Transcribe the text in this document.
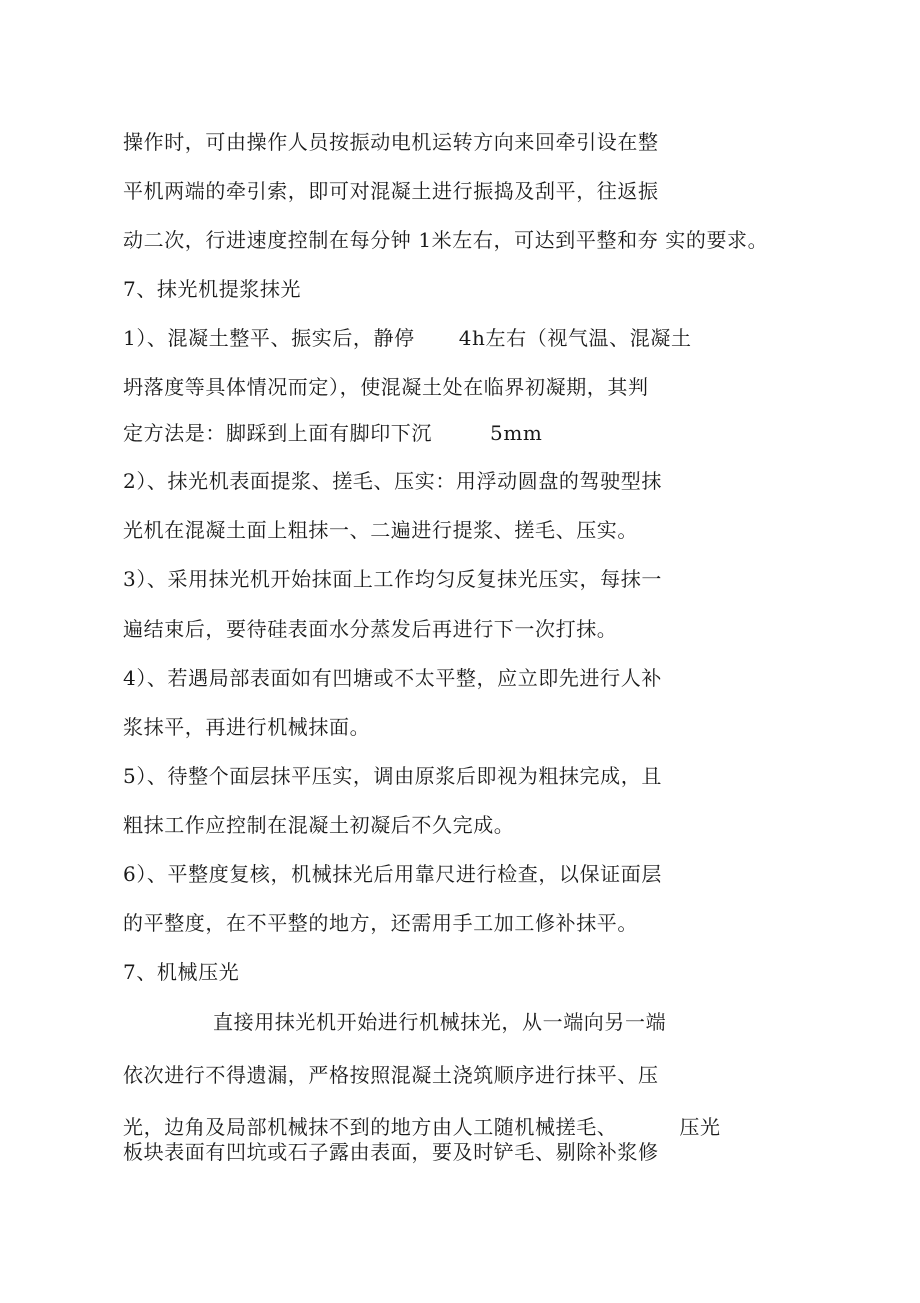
操作时，可由操作人员按振动电机运转方向来回牵引设在整
平机两端的牵引索，即可对混凝土进行振捣及刮平，往返振
动二次，行进速度控制在每分钟 1米左右，可达到平整和夯 实的要求。
7、抹光机提浆抹光
1）、混凝土整平、振实后，静停 4h左右（视气温、混凝土
坍落度等具体情况而定），使混凝土处在临界初凝期，其判
定方法是：脚踩到上面有脚印下沉	5mm
2）、抹光机表面提浆、搓毛、压实：用浮动圆盘的驾驶型抹
光机在混凝土面上粗抹一、二遍进行提浆、搓毛、压实。
3）、采用抹光机开始抹面上工作均匀反复抹光压实，每抹一
遍结束后，要待硅表面水分蒸发后再进行下一次打抹。
4）、若遇局部表面如有凹塘或不太平整，应立即先进行人补
浆抹平，再进行机械抹面。
5）、待整个面层抹平压实，调由原浆后即视为粗抹完成，且
粗抹工作应控制在混凝土初凝后不久完成。
6）、平整度复核，机械抹光后用靠尺进行检查，以保证面层
的平整度，在不平整的地方，还需用手工加工修补抹平。
7、机械压光
直接用抹光机开始进行机械抹光，从一端向另一端
依次进行不得遗漏，严格按照混凝土浇筑顺序进行抹平、压
光，边角及局部机械抹不到的地方由人工随机械搓毛、	压光
板块表面有凹坑或石子露由表面，要及时铲毛、剔除补浆修
